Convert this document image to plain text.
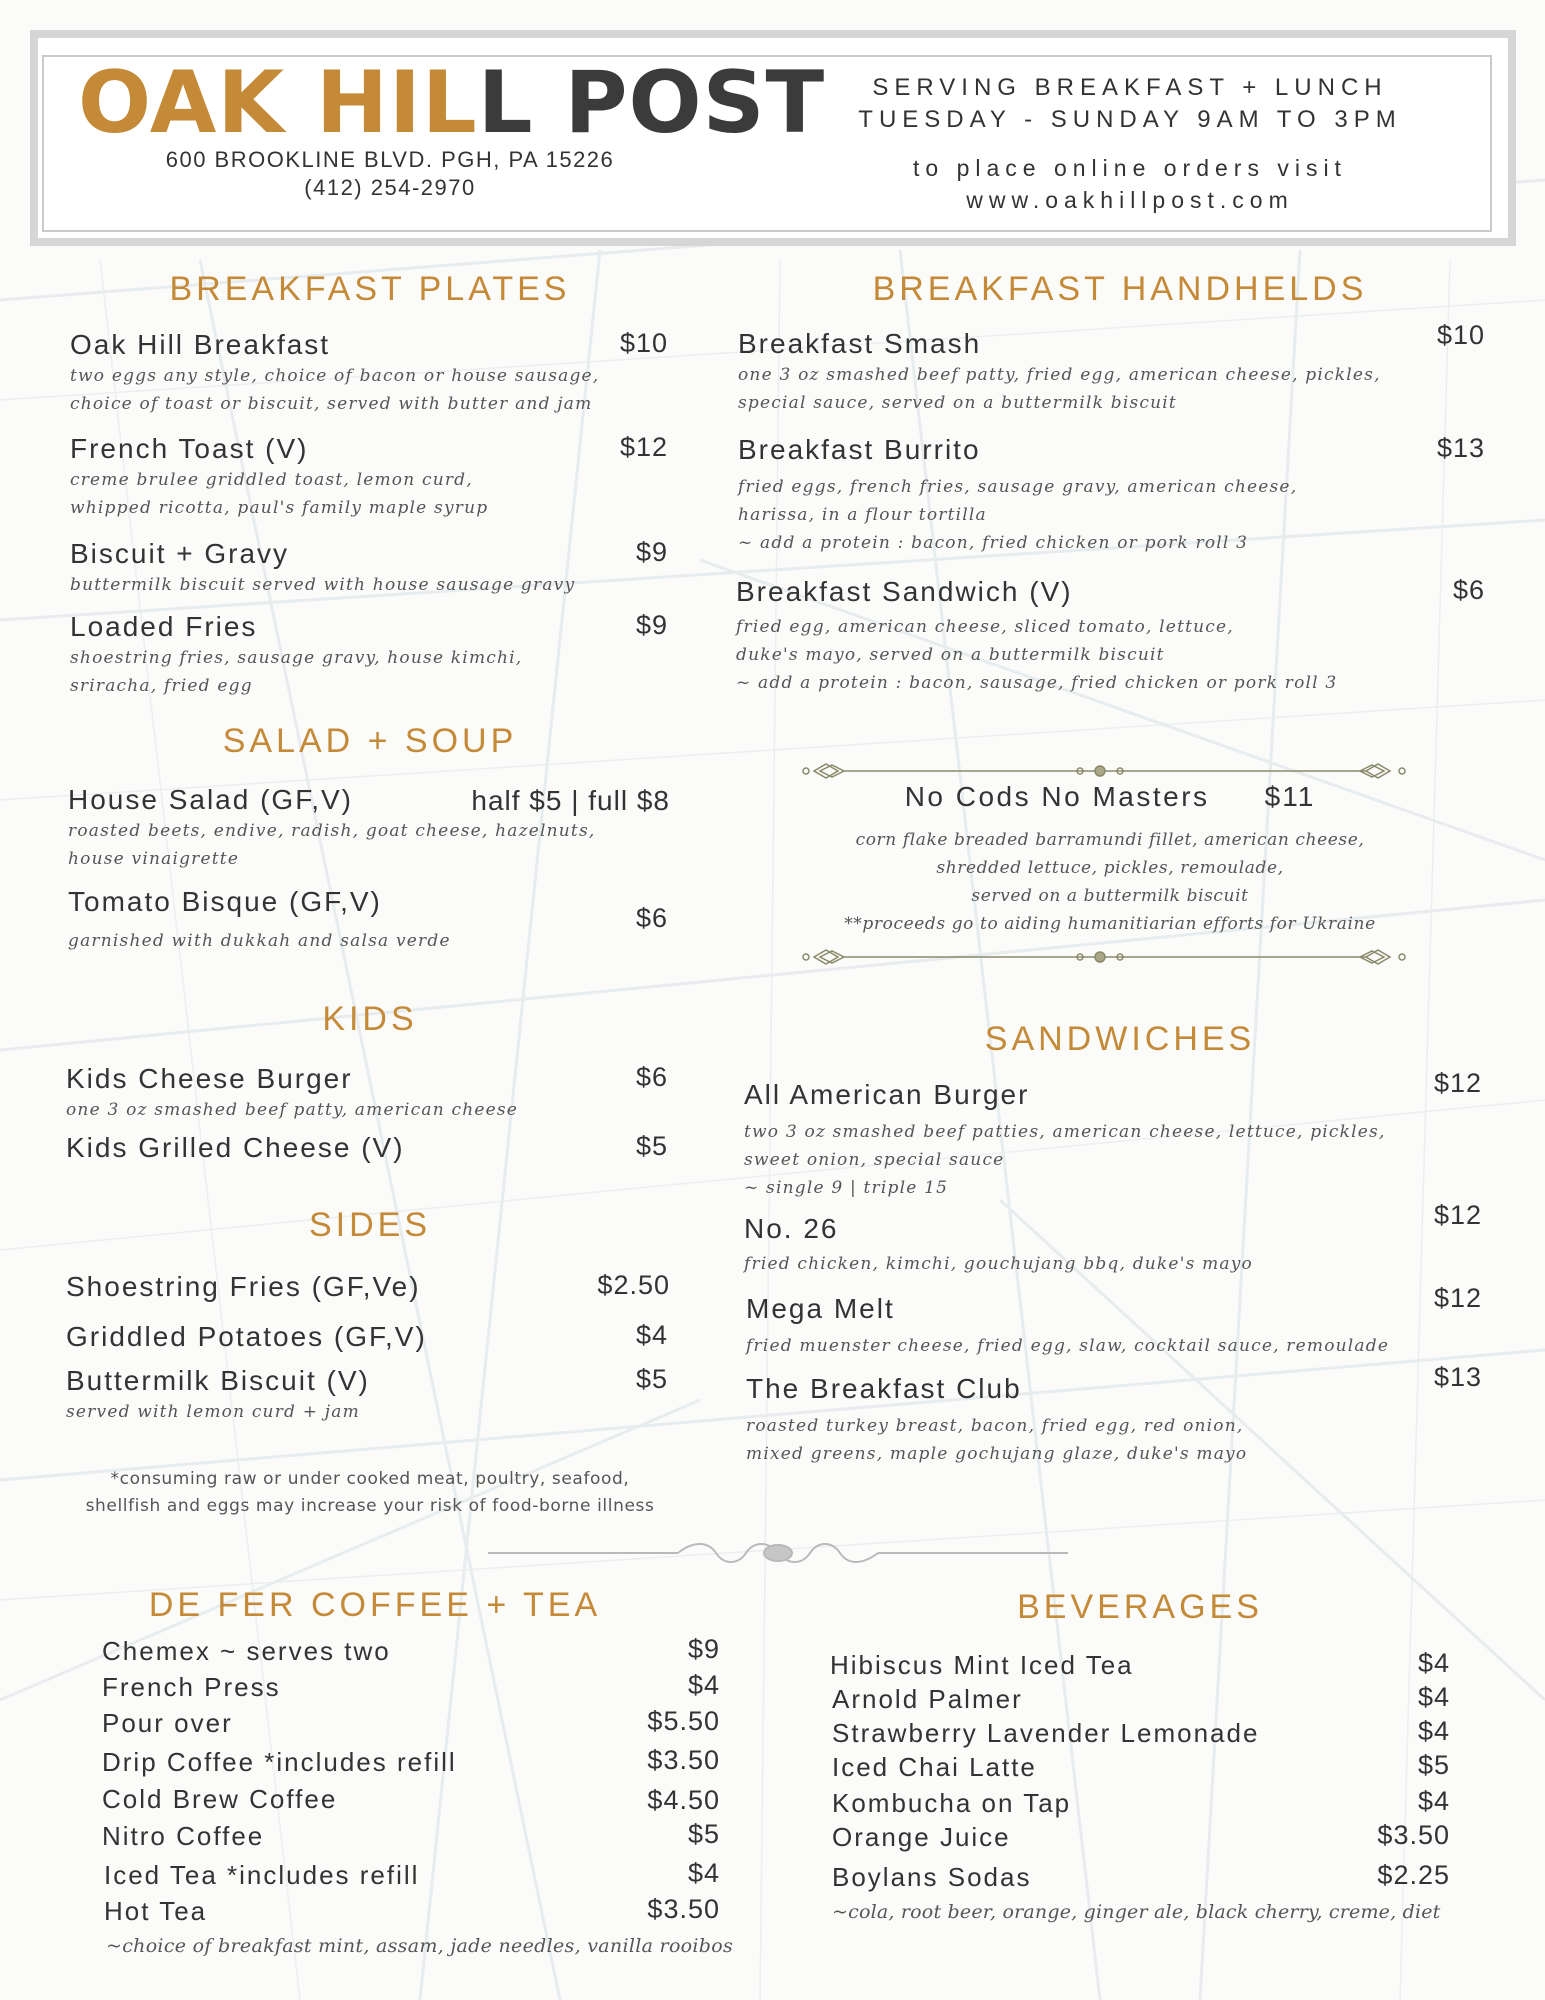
OAK HILL POST
600 BROOKLINE BLVD. PGH, PA 15226
(412) 254-2970
SERVING BREAKFAST + LUNCH
TUESDAY - SUNDAY 9AM TO 3PM
to place online orders visit
www.oakhillpost.com
BREAKFAST PLATES
Oak Hill Breakfast
two eggs any style, choice of bacon or house sausage,
choice of toast or biscuit, served with butter and jam
$10
French Toast (V)
creme brulee griddled toast, lemon curd,
whipped ricotta, paul's family maple syrup
$12
Biscuit + Gravy
buttermilk biscuit served with house sausage gravy
$9
Loaded Fries
shoestring fries, sausage gravy, house kimchi,
sriracha, fried egg
$9
SALAD + SOUP
House Salad (GF,V)
roasted beets, endive, radish, goat cheese, hazelnuts,
house vinaigrette
half $5 | full $8
Tomato Bisque (GF,V)
garnished with dukkah and salsa verde
$6
KIDS
Kids Cheese Burger
one 3 oz smashed beef patty, american cheese
$6
Kids Grilled Cheese (V)	$5
SIDES
Shoestring Fries (GF,Ve)	$2.50
Griddled Potatoes (GF,V)	$4
Buttermilk Biscuit (V)
served with lemon curd + jam
$5
*consuming raw or under cooked meat, poultry, seafood,
shellfish and eggs may increase your risk of food-borne illness
BREAKFAST HANDHELDS
Breakfast Smash
one 3 oz smashed beef patty, fried egg, american cheese, pickles,
special sauce, served on a buttermilk biscuit
$10
Breakfast Burrito
fried eggs, french fries, sausage gravy, american cheese,
harissa, in a flour tortilla
~ add a protein : bacon, fried chicken or pork roll 3
$13
Breakfast Sandwich (V)
fried egg, american cheese, sliced tomato, lettuce,
duke's mayo, served on a buttermilk biscuit
~ add a protein : bacon, sausage, fried chicken or pork roll 3
$6
No Cods No Masters $11
corn flake breaded barramundi fillet, american cheese,
shredded lettuce, pickles, remoulade,
served on a buttermilk biscuit
**proceeds go to aiding humanitiarian efforts for Ukraine
SANDWICHES
All American Burger
two 3 oz smashed beef patties, american cheese, lettuce, pickles,
sweet onion, special sauce
~ single 9 | triple 15
$12
No. 26
fried chicken, kimchi, gouchujang bbq, duke's mayo
$12
Mega Melt
fried muenster cheese, fried egg, slaw, cocktail sauce, remoulade
$12
The Breakfast Club
roasted turkey breast, bacon, fried egg, red onion,
mixed greens, maple gochujang glaze, duke's mayo
$13
DE FER COFFEE + TEA
Chemex ~ serves two	$9
French Press	$4
Pour over	$5.50
Drip Coffee *includes refill	$3.50
Cold Brew Coffee	$4.50
Nitro Coffee	$5
Iced Tea *includes refill	$4
Hot Tea	$3.50
~choice of breakfast mint, assam, jade needles, vanilla rooibos
BEVERAGES
Hibiscus Mint Iced Tea	$4
Arnold Palmer	$4
Strawberry Lavender Lemonade	$4
Iced Chai Latte	$5
Kombucha on Tap	$4
Orange Juice	$3.50
Boylans Sodas	$2.25
~cola, root beer, orange, ginger ale, black cherry, creme, diet
